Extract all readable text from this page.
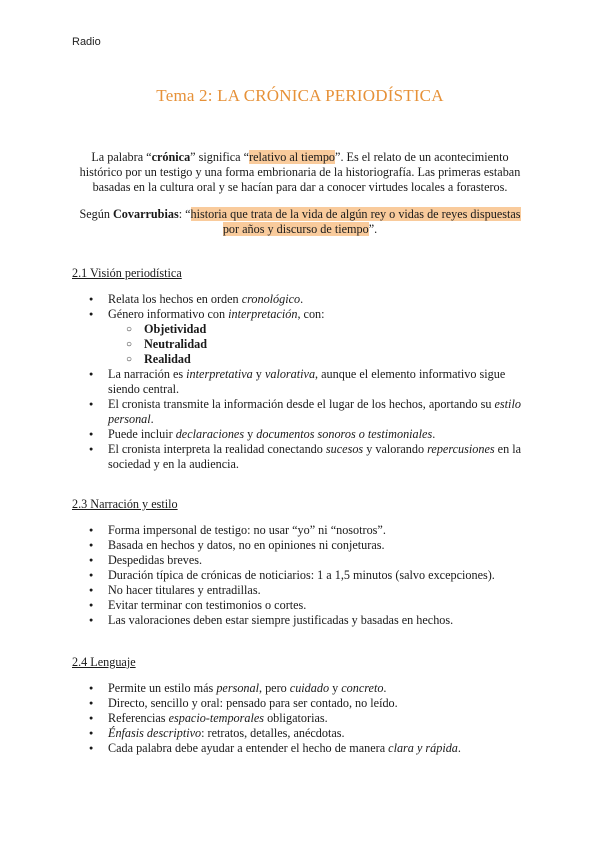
Radio
Tema 2: LA CRÓNICA PERIODÍSTICA

La palabra “crónica” significa “relativo al tiempo”. Es el relato de un acontecimiento histórico por un testigo y una forma embrionaria de la historiografía. Las primeras estaban basadas en la cultura oral y se hacían para dar a conocer virtudes locales a forasteros.

Según Covarrubias: “historia que trata de la vida de algún rey o vidas de reyes dispuestas por años y discurso de tiempo”.

2.1 Visión periodística
● Relata los hechos en orden cronológico.
● Género informativo con interpretación, con:
○ Objetividad
○ Neutralidad
○ Realidad
● La narración es interpretativa y valorativa, aunque el elemento informativo sigue siendo central.
● El cronista transmite la información desde el lugar de los hechos, aportando su estilo personal.
● Puede incluir declaraciones y documentos sonoros o testimoniales.
● El cronista interpreta la realidad conectando sucesos y valorando repercusiones en la sociedad y en la audiencia.
2.3 Narración y estilo
● Forma impersonal de testigo: no usar “yo” ni “nosotros”.
● Basada en hechos y datos, no en opiniones ni conjeturas.
● Despedidas breves.
● Duración típica de crónicas de noticiarios: 1 a 1,5 minutos (salvo excepciones).
● No hacer titulares y entradillas.
● Evitar terminar con testimonios o cortes.
● Las valoraciones deben estar siempre justificadas y basadas en hechos.
2.4 Lenguaje
● Permite un estilo más personal, pero cuidado y concreto.
● Directo, sencillo y oral: pensado para ser contado, no leído.
● Referencias espacio-temporales obligatorias.
● Énfasis descriptivo: retratos, detalles, anécdotas.
● Cada palabra debe ayudar a entender el hecho de manera clara y rápida.
